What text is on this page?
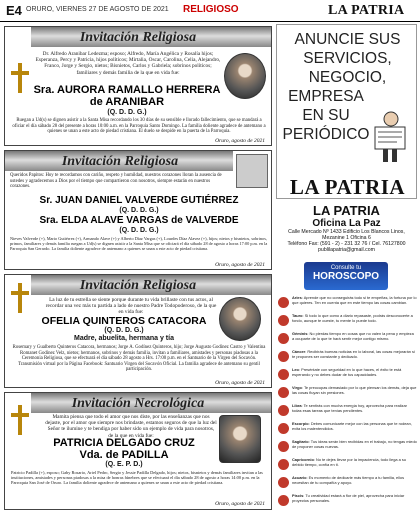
E4 ORURO, VIERNES 27 DE AGOSTO DE 2021 RELIGIOSO	LA PATRIA
Invitación Religiosa
Dr. Alfredo Aranibar Ledezma; esposo; Alfredo, María Angélica y Rosalía hijos; Esperanza, Percy y Patricia, hijos políticos; Mirtalia, Oscar, Carolina, Celia, Alejandro, Franco, Jorge y Sergio, nietos; Bisnietos, Carlos y Gabriela; sobrinos políticos; familiares y demás familia de la que en vida fue:
Sra. AURORA RAMALLO HERRERA de ARANIBAR
(Q. D. D. G.)
Ruegan a Ud(s) se dignen asistir a la Santa Misa recordando los 30 días de su sensible e llorado fallecimiento, que se mandará a oficiar el día sábado 28 del presente a horas 10:00 a.m. en la Parroquia Santo Domingo. La familia doliente agradece de antemano a quienes se unan a este acto de piedad cristiana. El duelo se despide en la puerta de la Parroquia.
Oruro, agosto de 2021
Invitación Religiosa
Queridos Papitos: Hoy te recordamos con cariño, respeto y humildad, nuestros corazones lloran la ausencia de ustedes y agradecemos a Dios por el tiempo que compartieron con nosotros, siempre estarán en nuestros corazones.
Sr. JUAN DANIEL VALVERDE GUTIÉRREZ
(Q. D. D. G.)
Sra. ELDA ALAVE VARGAS de VALVERDE
(Q. D. D. G.)
Nieves Valverde (+), Mario Gutiérrez (+), Armando Alave (+) y Alberto Díaz Vargas (+), Lourdes Díaz Alavez (+), hijos; nietos y bisnietos, sobrinos, primos, familiares y demás familia ruegan a Ud(s) se dignen asistir a la Santa Misa que se oficiará el día sábado 28 de agosto a horas 17:00 p.m. en la Parroquia San Gerardo. La familia doliente agradece de antemano a quienes se unan a este acto de piedad cristiana.
Oruro, agosto de 2021
Invitación Religiosa
La luz de tu estrella se siente porque durante tu vida brillaste con tus actos, al recordar una vez más tu partida a lado de nuestro Padre Todopoderoso, de la que en vida fue:
OFELIA QUINTEROS CATACORA
(Q. D. D. G.)
Madre, abuelita, hermana y tía
Rosemary y Gualberto Quinteros Catacora, hermanos; Jorge A. Godínez Quinteros, hijo; Jorge Augusto Godínez Castro y Valentina Romanet Godínez Velz, nietos; hermanos, sobrinos y demás familia, invitan a familiares, amistades y personas piadosas a la Ceremonia Religiosa, que se efectuará el día sábado 28 agosto a Hrs. 17:00 p.m. en el Santuario de la Virgen del Socavón. Transmisión virtual por la Página Facebook: Santuario Virgen del Socavón Oficial. La familia agradece de antemano su gentil participación.
Oruro, agosto de 2021
Invitación Necrológica
Mamita piensa que todo el amor que nos diste, por las enseñanzas que nos dejaste, por el amor que siempre nos brindaste, estamos seguros de que la luz del Señor te ilumine y te bendiga por haber sido un ejemplo de vida para nosotros, de la que en vida fue:
PATRICIA DELGADO CRUZ
Vda. de PADILLA
(Q. E. P. D.)
Patricio Padilla (+), esposo; Gaby Rosario, Ariel Pedro, Sergio y Jessie Padilla Delgado, hijos; nietos, bisnietos y demás familiares invitan a las instituciones, amistades y personas piadosas a la misa de honras fúnebres que se efectuará el día sábado 28 de agosto a horas 14:00 p.m. en la Parroquia San José de Oruro. La familia doliente agradece de antemano a quienes se unan a este acto de piedad cristiana.
Oruro, agosto de 2021
ANUNCIE SUS
SERVICIOS,
NEGOCIO,
EMPRESA
EN SU
PERIÓDICO
LA PATRIA
LA PATRIA
Oficina La Paz
Calle Mercado Nº 1433 Edificio Los Blancos Linos,
Mezanine 1 Oficina 6
Teléfono Fax: (591 - 2) - 231 32 76 / Cel. 76127800
publilapatria@gmail.com
Consulte tu
HOROSCOPO
Aries: Aprende que no conseguirás todo si te empeñas, la fortuna por lo que quieres. Ten en cuenta que en este tiempo las cosas cambian.
Tauro: Si todo lo que como a diario repasaste, podrás desconocerte a fondo, aunque te cueste, tu mente lo puede todo.
Géminis: No pierdas tiempo en cosas que no valen la pena y empieza a ocuparte de lo que te hará sentir mejor contigo mismo.
Cáncer: Recibirás buenas noticias en lo laboral, las cosas mejorarán si te propones ser constante y dedicado.
Leo: Preséntate con seguridad en lo que haces, el éxito te está esperando y no debes dudar de tus capacidades.
Virgo: Te preocupas demasiado por lo que piensan los demás, deja que las cosas fluyan sin presiones.
Libra: Te sentirás con mucha energía hoy, aprovecha para realizar todas esas tareas que tenías pendientes.
Escorpio: Debes comunicarte mejor con las personas que te rodean, evita los malentendidos.
Sagitario: Tus ideas serán bien recibidas en el trabajo, no tengas miedo de proponer cosas nuevas.
Capricornio: No te dejes llevar por la impaciencia, todo llega a su debido tiempo, confía en ti.
Acuario: Es momento de dedicarle más tiempo a tu familia, ellos necesitan de tu compañía y apoyo.
Piscis: Tu creatividad estará a flor de piel, aprovecha para iniciar proyectos personales.
